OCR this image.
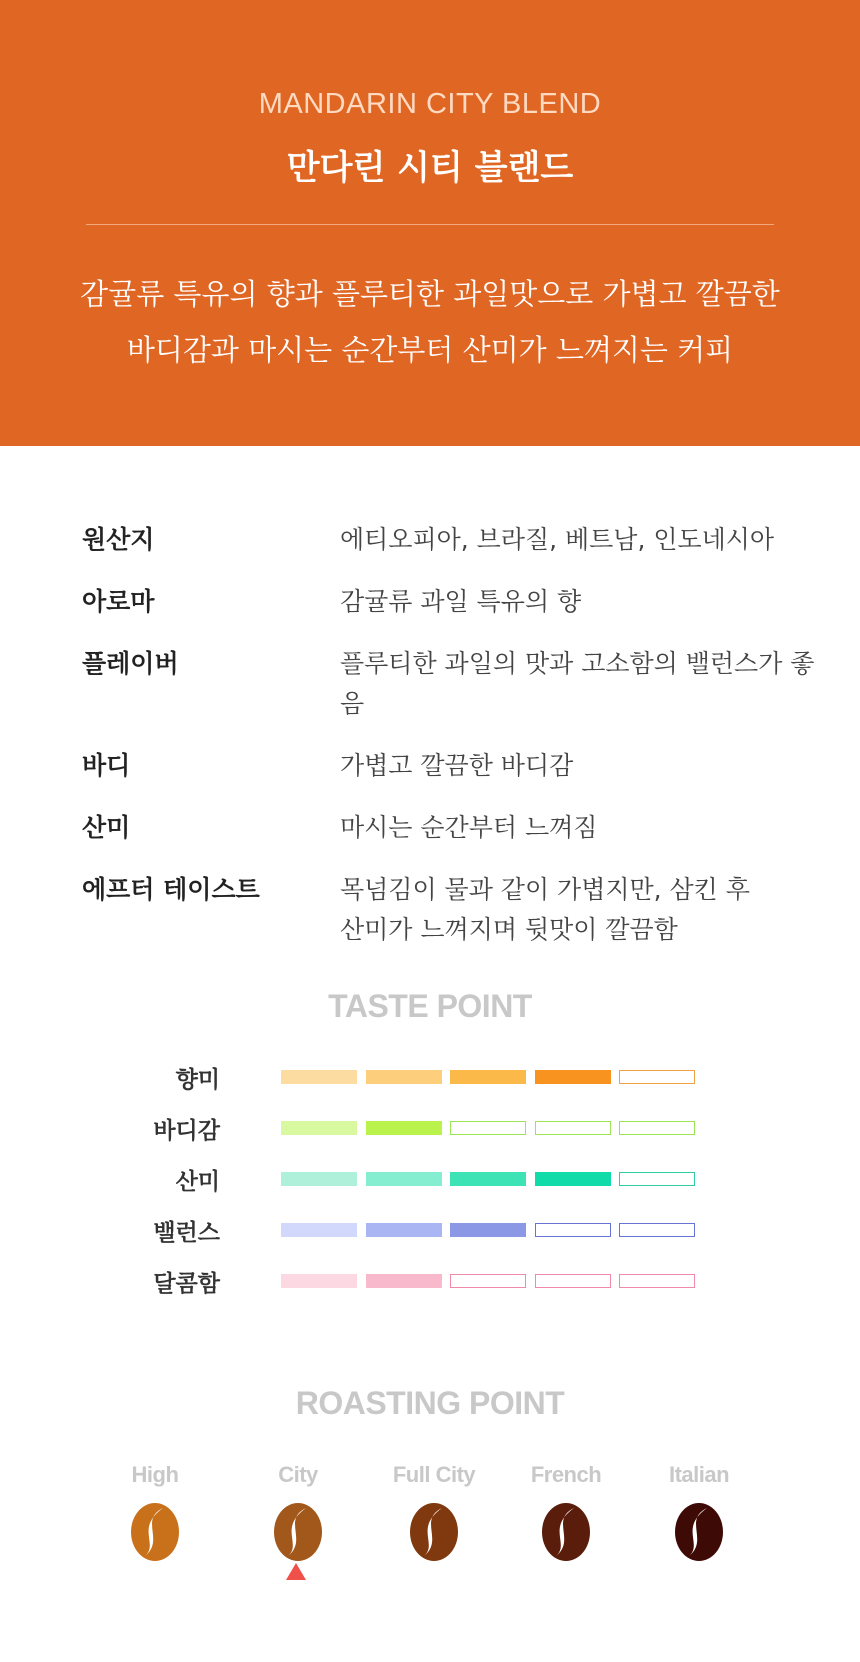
MANDARIN CITY BLEND
만다린 시티 블랜드
감귤류 특유의 향과 플루티한 과일맛으로 가볍고 깔끔한
바디감과 마시는 순간부터 산미가 느껴지는 커피
원산지	에티오피아, 브라질, 베트남, 인도네시아
아로마	감귤류 과일 특유의 향
플레이버	플루티한 과일의 맛과 고소함의 밸런스가 좋음
바디	가볍고 깔끔한 바디감
산미	마시는 순간부터 느껴짐
에프터 테이스트	목넘김이 물과 같이 가볍지만, 삼킨 후
산미가 느껴지며 뒷맛이 깔끔함
TASTE POINT
향미
바디감
산미
밸런스
달콤함
ROASTING POINT
High	City	Full City	French	Italian
